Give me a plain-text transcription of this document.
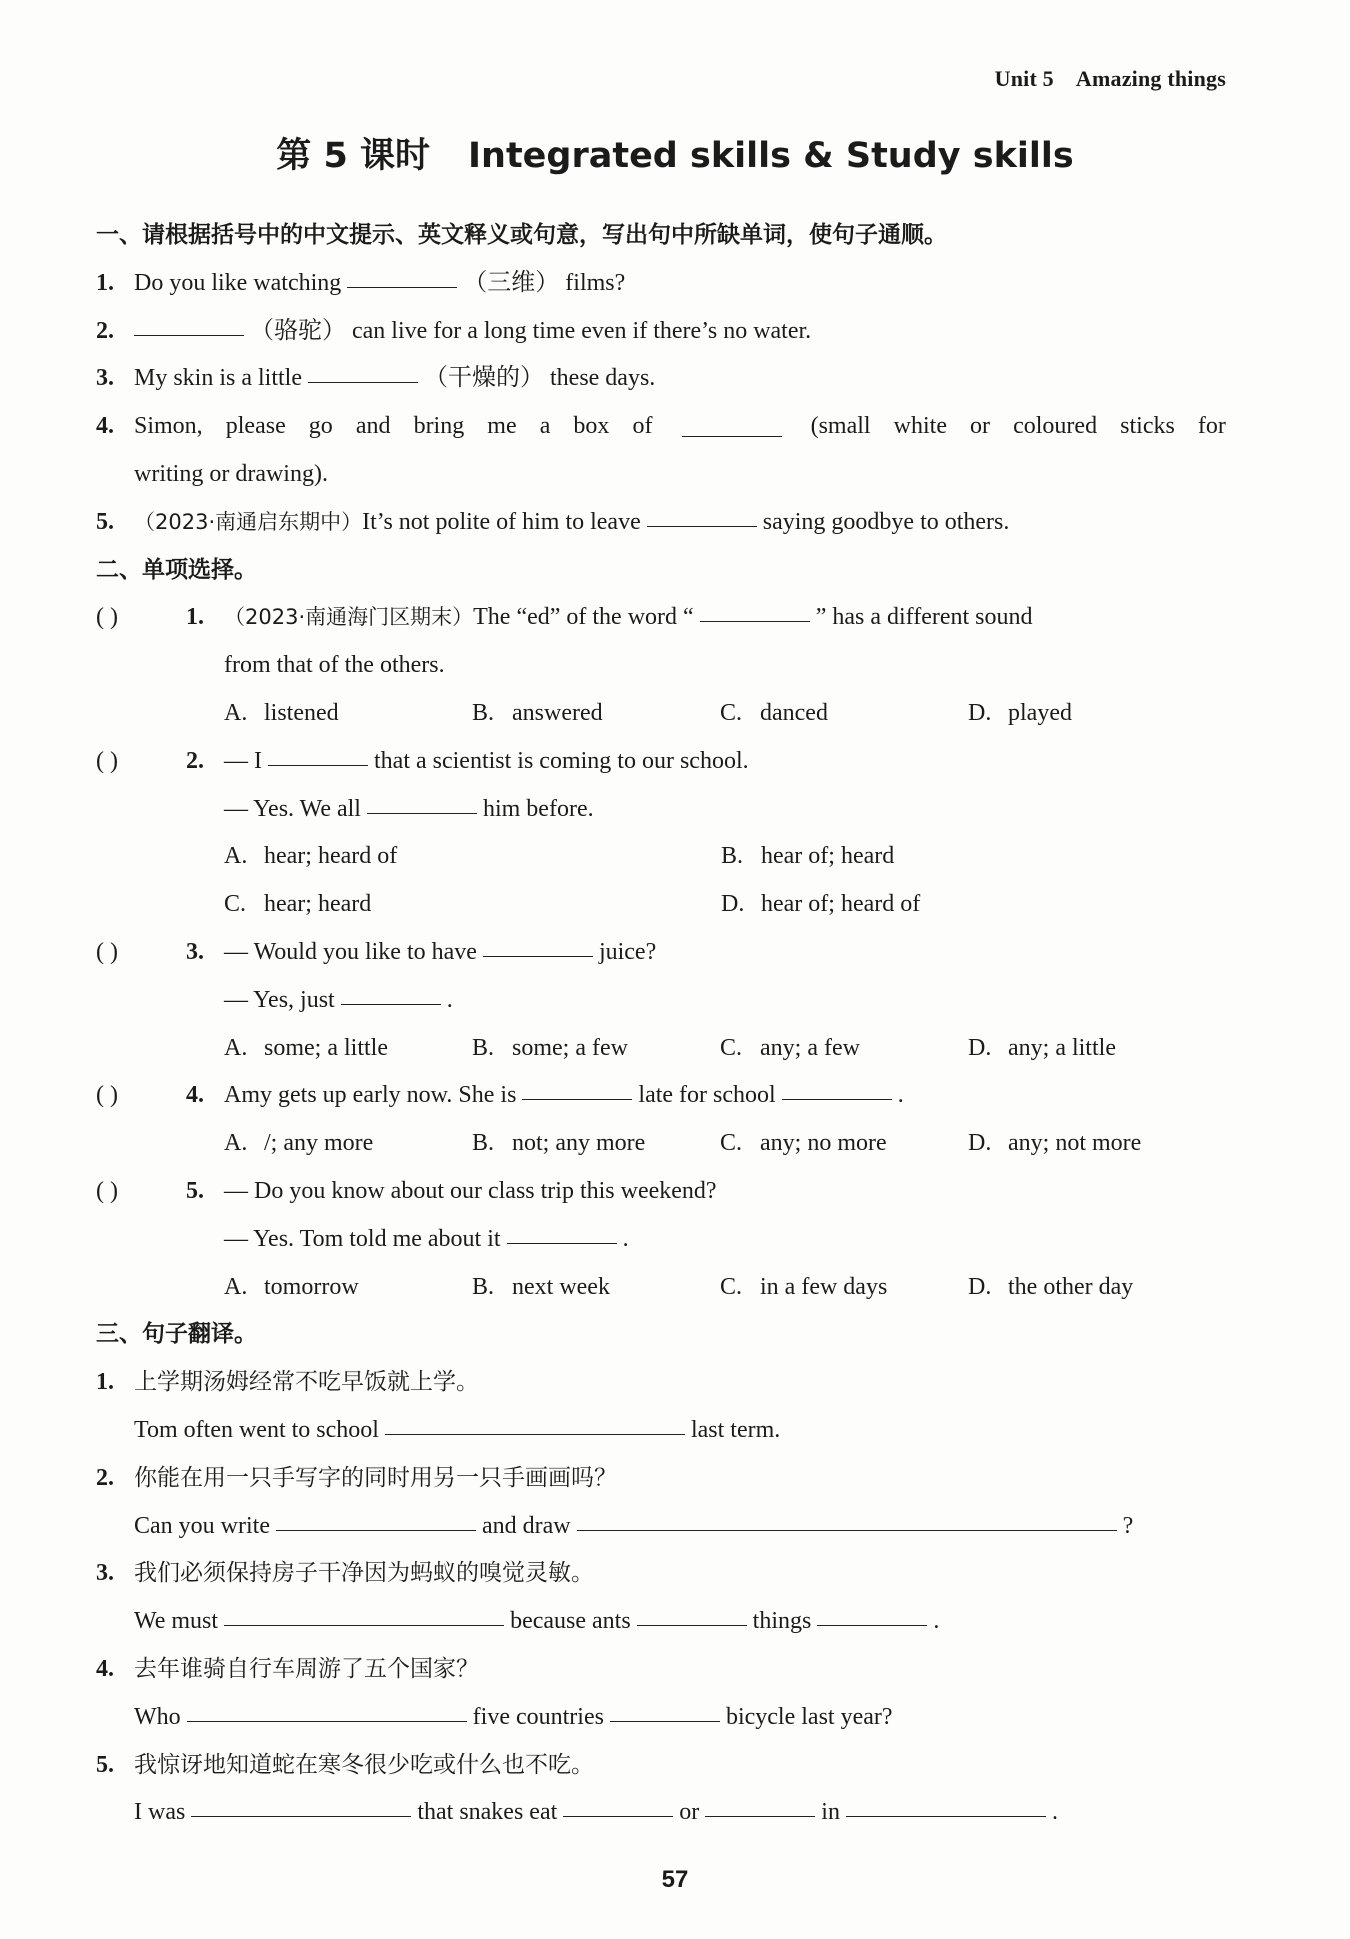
Unit 5 Amazing things
第 5 课时 Integrated skills & Study skills
一、请根据括号中的中文提示、英文释义或句意，写出句中所缺单词，使句子通顺。
1. Do you like watching	（三维） films?
2.	（骆驼） can live for a long time even if there’s no water.
3. My skin is a little	（干燥的） these days.
4. Simon, please go and bring me a box of	(small white or coloured sticks for
writing or drawing).
5. （2023·南通启东期中）It’s not polite of him to leave	saying goodbye to others.
二、单项选择。
( )	1. （2023·南通海门区期末）The “ed” of the word “	” has a different sound
from that of the others.
A. listened	B. answered	C. danced	D. played
( )	2. — I	that a scientist is coming to our school.
— Yes. We all	him before.
A. hear; heard of	B. hear of; heard
C. hear; heard	D. hear of; heard of
( )	3. — Would you like to have	juice?
— Yes, just	.
A. some; a little	B. some; a few	C. any; a few	D. any; a little
( )	4. Amy gets up early now. She is	late for school	.
A. /; any more	B. not; any more	C. any; no more	D. any; not more
( )	5. — Do you know about our class trip this weekend?
— Yes. Tom told me about it	.
A. tomorrow	B. next week	C. in a few days	D. the other day
三、句子翻译。
1. 上学期汤姆经常不吃早饭就上学。
Tom often went to school	last term.
2. 你能在用一只手写字的同时用另一只手画画吗？
Can you write	and draw	?
3. 我们必须保持房子干净因为蚂蚁的嗅觉灵敏。
We must	because ants	things	.
4. 去年谁骑自行车周游了五个国家？
Who	five countries	bicycle last year?
5. 我惊讶地知道蛇在寒冬很少吃或什么也不吃。
I was	that snakes eat	or	in	.
57
